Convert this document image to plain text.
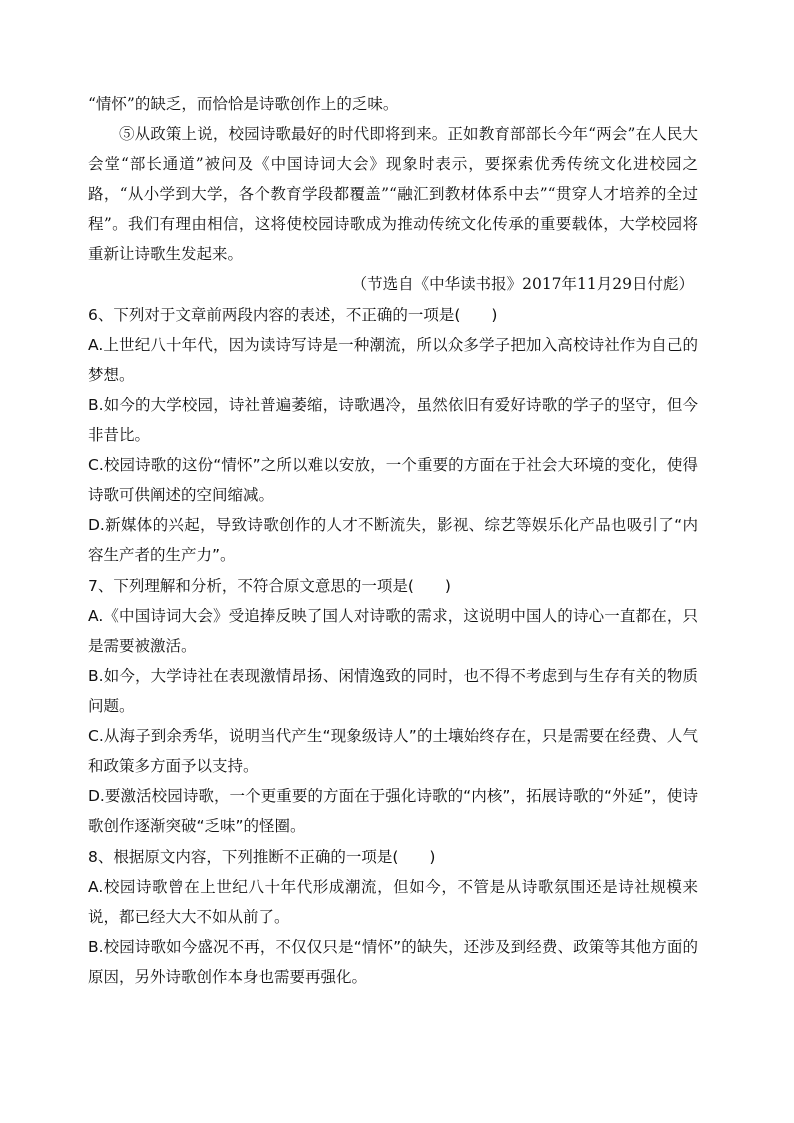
“情怀”的缺乏，而恰恰是诗歌创作上的乏味。

⑤从政策上说，校园诗歌最好的时代即将到来。正如教育部部长今年“两会”在人民大会堂“部长通道”被问及《中国诗词大会》现象时表示，要探索优秀传统文化进校园之路，“从小学到大学，各个教育学段都覆盖”“融汇到教材体系中去”“贯穿人才培养的全过程”。我们有理由相信，这将使校园诗歌成为推动传统文化传承的重要载体，大学校园将重新让诗歌生发起来。

（节选自《中华读书报》2017年11月29日付彪）

6、下列对于文章前两段内容的表述，不正确的一项是(　　)

A.上世纪八十年代，因为读诗写诗是一种潮流，所以众多学子把加入高校诗社作为自己的梦想。

B.如今的大学校园，诗社普遍萎缩，诗歌遇冷，虽然依旧有爱好诗歌的学子的坚守，但今非昔比。

C.校园诗歌的这份“情怀”之所以难以安放，一个重要的方面在于社会大环境的变化，使得诗歌可供阐述的空间缩减。

D.新媒体的兴起，导致诗歌创作的人才不断流失，影视、综艺等娱乐化产品也吸引了“内容生产者的生产力”。

7、下列理解和分析，不符合原文意思的一项是(　　)

A.《中国诗词大会》受追捧反映了国人对诗歌的需求，这说明中国人的诗心一直都在，只是需要被激活。

B.如今，大学诗社在表现激情昂扬、闲情逸致的同时，也不得不考虑到与生存有关的物质问题。

C.从海子到余秀华，说明当代产生“现象级诗人”的土壤始终存在，只是需要在经费、人气和政策多方面予以支持。

D.要激活校园诗歌，一个更重要的方面在于强化诗歌的“内核”，拓展诗歌的“外延”，使诗歌创作逐渐突破“乏味”的怪圈。

8、根据原文内容，下列推断不正确的一项是(　　)

A.校园诗歌曾在上世纪八十年代形成潮流，但如今，不管是从诗歌氛围还是诗社规模来说，都已经大大不如从前了。

B.校园诗歌如今盛况不再，不仅仅只是“情怀”的缺失，还涉及到经费、政策等其他方面的原因，另外诗歌创作本身也需要再强化。
